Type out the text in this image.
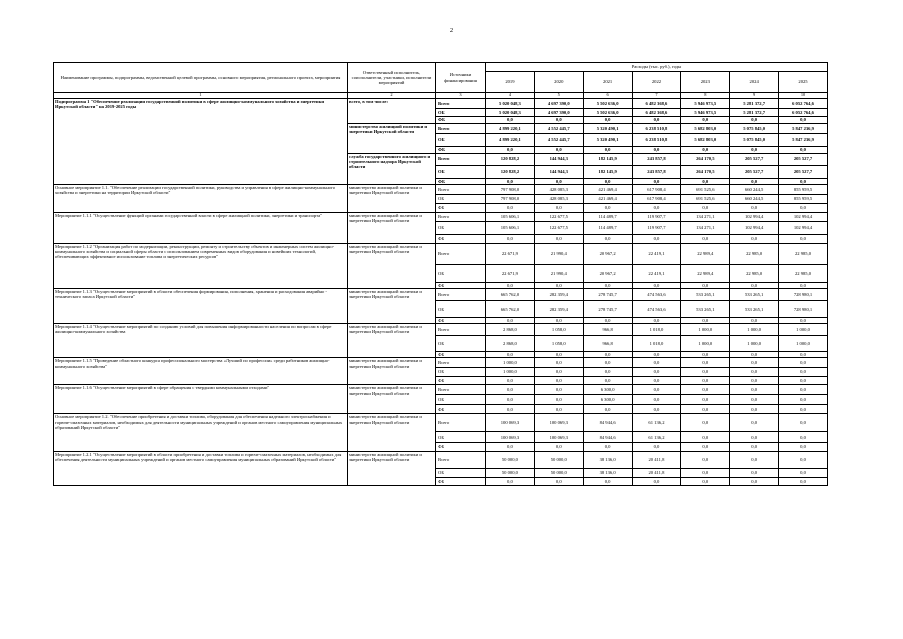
2
Наименование программы, подпрограммы, ведомственной целевой программы, основного мероприятия, регионального проекта, мероприятия	Ответственный исполнитель, соисполнители, участники, исполнители мероприятий	Источники финансирования	Расходы (тыс. руб.), годы						
			2019	2020	2021	2022	2023	2024	2025
1	2	3	4	5	6	7	8	9	10
Подпрограмма 1 "Обеспечение реализации государственной политики в сфере жилищно-коммунального хозяйства и энергетики Иркутской области" на 2019-2025 годы	всего, в том числе:	Всего	5 020 048,3	4 697 390,0	5 502 636,0	6 482 368,6	5 946 973,5	5 281 372,7	6 052 764,6
		ОБ	5 020 048,3	4 697 390,0	5 502 636,0	6 482 368,6	5 946 973,5	5 281 372,7	6 052 764,6
		ФБ	0,0	0,0	0,0	0,0	0,0	0,0	0,0
	министерство жилищной политики и энергетики Иркутской области	Всего	4 899 220,1	4 552 445,7	5 320 490,1	6 238 510,8	5 682 803,0	5 075 845,0	5 847 236,9
		ОБ	4 899 220,1	4 552 445,7	5 320 490,1	6 238 510,8	5 682 803,0	5 075 845,0	5 847 236,9
		ФБ	0,0	0,0	0,0	0,0	0,0	0,0	0,0
	служба государственного жилищного и строительного надзора Иркутской области	Всего	120 828,2	144 944,3	182 145,9	243 857,8	264 170,5	205 527,7	205 527,7
		ОБ	120 828,2	144 944,3	182 145,9	243 857,8	264 170,5	205 527,7	205 527,7
		ФБ	0,0	0,0	0,0	0,0	0,0	0,0	0,0
Основное мероприятие 1.1. "Обеспечение реализации государственной политики, руководства и управления в сфере жилищно-коммунального хозяйства и энергетики на территории Иркутской области"	министерство жилищной политики и энергетики Иркутской области	Всего	797 908,0	428 085,3	421 469,4	617 908,4	691 525,6	660 244,5	855 959,5
		ОБ	797 908,0	428 085,3	421 469,4	617 908,4	691 525,6	660 244,5	855 959,5
		ФБ	0,0	0,0	0,0	0,0	0,0	0,0	0,0
Мероприятие 1.1.1 "Осуществление функций органами государственной власти в сфере жилищной политики, энергетики и транспорта"	министерство жилищной политики и энергетики Иркутской области	Всего	105 606,1	122 677,5	114 489,7	119 907,7	134 271,1	102 994,4	102 994,4
		ОБ	105 606,1	122 677,5	114 489,7	119 907,7	134 271,1	102 994,4	102 994,4
		ФБ	0,0	0,0	0,0	0,0	0,0	0,0	0,0
Мероприятие 1.1.2 "Организация работ по модернизации, реконструкции, ремонту и строительству объектов и инженерных систем жилищно-коммунального хозяйства и социальной сферы области с использованием современных видов оборудования и новейших технологий, обеспечивающих эффективное использование топлива и энергетических ресурсов"	министерство жилищной политики и энергетики Иркутской области	Всего	22 671,9	21 990,4	20 967,2	22 419,1	22 989,4	22 985,0	22 985,0
		ОБ	22 671,9	21 990,4	20 967,2	22 419,1	22 989,4	22 985,0	22 985,0
		ФБ	0,0	0,0	0,0	0,0	0,0	0,0	0,0
Мероприятие 1.1.3 "Осуществление мероприятий в области обеспечения формирования, пополнения, хранения и расходования аварийно - технического запаса Иркутской области"	министерство жилищной политики и энергетики Иркутской области	Всего	665 762,0	282 359,4	278 745,7	474 563,6	533 265,1	533 265,1	728 980,1
		ОБ	665 762,0	282 359,4	278 745,7	474 563,6	533 265,1	533 265,1	728 980,1
		ФБ	0,0	0,0	0,0	0,0	0,0	0,0	0,0
Мероприятие 1.1.4 "Осуществление мероприятий по созданию условий для повышения информированности населения по вопросам в сфере жилищно-коммунального хозяйства	министерство жилищной политики и энергетики Иркутской области	Всего	2 868,0	1 058,0	966,8	1 018,0	1 000,0	1 000,0	1 000,0
		ОБ	2 868,0	1 058,0	966,8	1 018,0	1 000,0	1 000,0	1 000,0
		ФБ	0,0	0,0	0,0	0,0	0,0	0,0	0,0
Мероприятие 1.1.5 "Проведение областного конкурса профессионального мастерства «Лучший по профессии» среди работников жилищно-коммунального хозяйства"	министерство жилищной политики и энергетики Иркутской области	Всего	1 000,0	0,0	0,0	0,0	0,0	0,0	0,0
		ОБ	1 000,0	0,0	0,0	0,0	0,0	0,0	0,0
		ФБ	0,0	0,0	0,0	0,0	0,0	0,0	0,0
Мероприятие 1.1.6 "Осуществление мероприятий в сфере обращения с твердыми коммунальными отходами"	министерство жилищной политики и энергетики Иркутской области	Всего	0,0	0,0	6 300,0	0,0	0,0	0,0	0,0
		ОБ	0,0	0,0	6 300,0	0,0	0,0	0,0	0,0
		ФБ	0,0	0,0	0,0	0,0	0,0	0,0	0,0
Основное мероприятие 1.2. "Обеспечение приобретения и доставки топлива, оборудования для обеспечения надежного электроснабжения и горюче-смазочных материалов, необходимых для деятельности муниципальных учреждений и органов местного самоуправления муниципальных образований Иркутской области"	министерство жилищной политики и энергетики Иркутской области	Всего	100 069,3	100 069,3	84 944,6	61 136,2	0,0	0,0	0,0
		ОБ	100 069,3	100 069,3	84 944,6	61 136,2	0,0	0,0	0,0
		ФБ	0,0	0,0	0,0	0,0	0,0	0,0	0,0
Мероприятие 1.2.1 "Осуществление мероприятий в области приобретения и доставки топлива и горюче-смазочных материалов, необходимых для обеспечения деятельности муниципальных учреждений и органов местного самоуправления муниципальных образований Иркутской области"	министерство жилищной политики и энергетики Иркутской области	Всего	50 000,0	50 000,0	38 136,0	20 411,8	0,0	0,0	0,0
		ОБ	50 000,0	50 000,0	38 136,0	20 411,8	0,0	0,0	0,0
		ФБ	0,0	0,0	0,0	0,0	0,0	0,0	0,0
